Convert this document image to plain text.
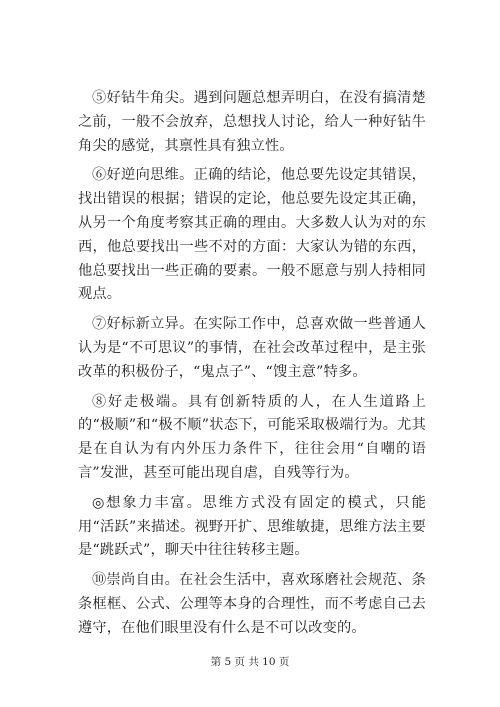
⑤好钻牛角尖。遇到问题总想弄明白，在没有搞清楚之前，一般不会放弃，总想找人讨论，给人一种好钻牛角尖的感觉，其禀性具有独立性。

⑥好逆向思维。正确的结论，他总要先设定其错误，找出错误的根据；错误的定论，他总要先设定其正确，从另一个角度考察其正确的理由。大多数人认为对的东西，他总要找出一些不对的方面：大家认为错的东西，他总要找出一些正确的要素。一般不愿意与别人持相同观点。

⑦好标新立异。在实际工作中，总喜欢做一些普通人认为是“不可思议”的事情，在社会改革过程中，是主张改革的积极份子，“鬼点子”、“馊主意”特多。

⑧好走极端。具有创新特质的人，在人生道路上的“极顺”和“极不顺”状态下，可能采取极端行为。尤其是在自认为有内外压力条件下，往往会用“自嘲的语言”发泄，甚至可能出现自虐，自残等行为。

◎想象力丰富。思维方式没有固定的模式，只能用“活跃”来描述。视野开扩、思维敏捷，思维方法主要是“跳跃式”，聊天中往往转移主题。

⑩崇尚自由。在社会生活中，喜欢琢磨社会规范、条条框框、公式、公理等本身的合理性，而不考虑自己去遵守，在他们眼里没有什么是不可以改变的。

第 5 页 共 10 页
